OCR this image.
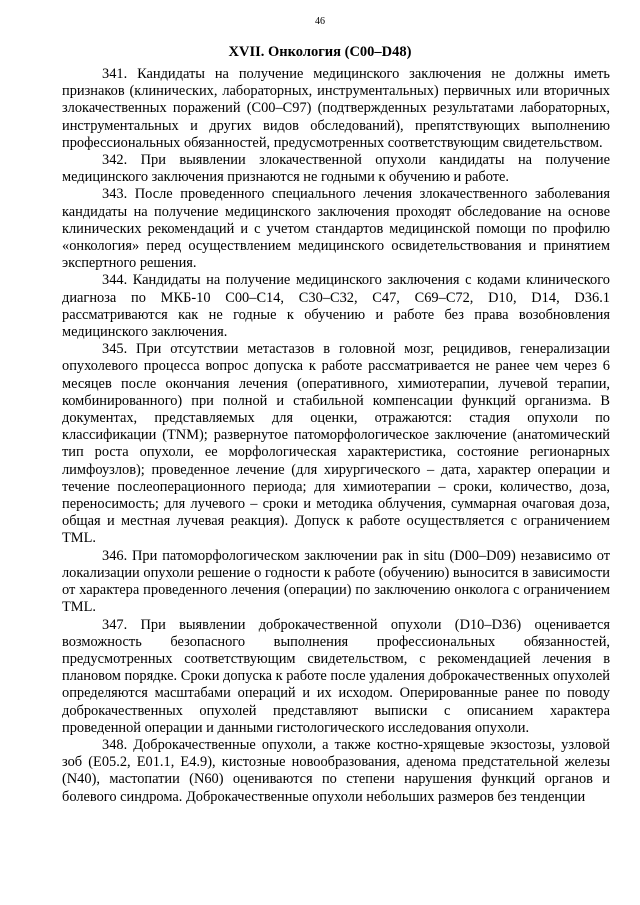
46
XVII. Онкология (C00–D48)

341. Кандидаты на получение медицинского заключения не должны иметь признаков (клинических, лабораторных, инструментальных) первичных или вторичных злокачественных поражений (C00–C97) (подтвержденных результатами лабораторных, инструментальных и других видов обследований), препятствующих выполнению профессиональных обязанностей, предусмотренных соответствующим свидетельством.

342. При выявлении злокачественной опухоли кандидаты на получение медицинского заключения признаются не годными к обучению и работе.

343. После проведенного специального лечения злокачественного заболевания кандидаты на получение медицинского заключения проходят обследование на основе клинических рекомендаций и с учетом стандартов медицинской помощи по профилю «онкология» перед осуществлением медицинского освидетельствования и принятием экспертного решения.

344. Кандидаты на получение медицинского заключения с кодами клинического диагноза по МКБ-10 C00–C14, C30–C32, C47, C69–C72, D10, D14, D36.1 рассматриваются как не годные к обучению и работе без права возобновления медицинского заключения.

345. При отсутствии метастазов в головной мозг, рецидивов, генерализации опухолевого процесса вопрос допуска к работе рассматривается не ранее чем через 6 месяцев после окончания лечения (оперативного, химиотерапии, лучевой терапии, комбинированного) при полной и стабильной компенсации функций организма. В документах, представляемых для оценки, отражаются: стадия опухоли по классификации (TNM); развернутое патоморфологическое заключение (анатомический тип роста опухоли, ее морфологическая характеристика, состояние регионарных лимфоузлов); проведенное лечение (для хирургического – дата, характер операции и течение послеоперационного периода; для химиотерапии – сроки, количество, доза, переносимость; для лучевого – сроки и методика облучения, суммарная очаговая доза, общая и местная лучевая реакция). Допуск к работе осуществляется с ограничением TML.

346. При патоморфологическом заключении рак in situ (D00–D09) независимо от локализации опухоли решение о годности к работе (обучению) выносится в зависимости от характера проведенного лечения (операции) по заключению онколога с ограничением TML.

347. При выявлении доброкачественной опухоли (D10–D36) оценивается возможность безопасного выполнения профессиональных обязанностей, предусмотренных соответствующим свидетельством, с рекомендацией лечения в плановом порядке. Сроки допуска к работе после удаления доброкачественных опухолей определяются масштабами операций и их исходом. Оперированные ранее по поводу доброкачественных опухолей представляют выписки с описанием характера проведенной операции и данными гистологического исследования опухоли.

348. Доброкачественные опухоли, а также костно-хрящевые экзостозы, узловой зоб (E05.2, E01.1, E4.9), кистозные новообразования, аденома предстательной железы (N40), мастопатии (N60) оцениваются по степени нарушения функций органов и болевого синдрома. Доброкачественные опухоли небольших размеров без тенденции
